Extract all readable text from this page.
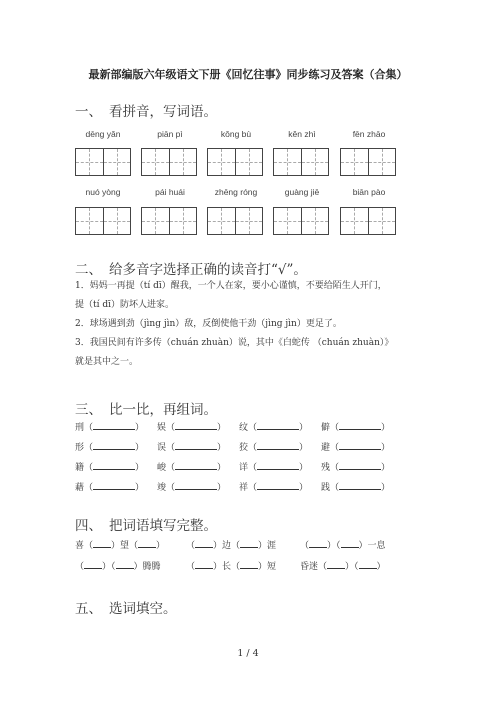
最新部编版六年级语文下册《回忆往事》同步练习及答案（合集）
一、 看拼音，写词语。
dēng yǎn	piān pì	kǒng bù	kěn zhì	fēn zhāo
nuó yòng	pái huái	zhēng róng	guàng jiē	biān pào
二、 给多音字选择正确的读音打“√”。
1．妈妈一再提（tí dī）醒我，一个人在家，要小心谨慎，不要给陌生人开门，
提（tí dī）防坏人进家。
2．球场遇到劲（jìng jìn）敌，反倒使他干劲（jìng jìn）更足了。
3．我国民间有许多传（chuán zhuàn）说，其中《白蛇传 （chuán zhuàn）》
就是其中之一。
三、 比一比，再组词。
刑（	）	娱（	）	纹（	）	僻（	）
形（	）	误（	）	狡（	）	避（	）
籍（	）	峻（	）	详（	）	残（	）
藉（	）	竣（	）	祥（	）	践（	）
四、 把词语填写完整。
喜（ ）望（ ） （ ）边（ ）涯	（ ）（ ）一息
（ ）（ ）腾腾	（ ）长（ ）短	昏迷（ ）（ ）
五、 选词填空。
1 / 4
